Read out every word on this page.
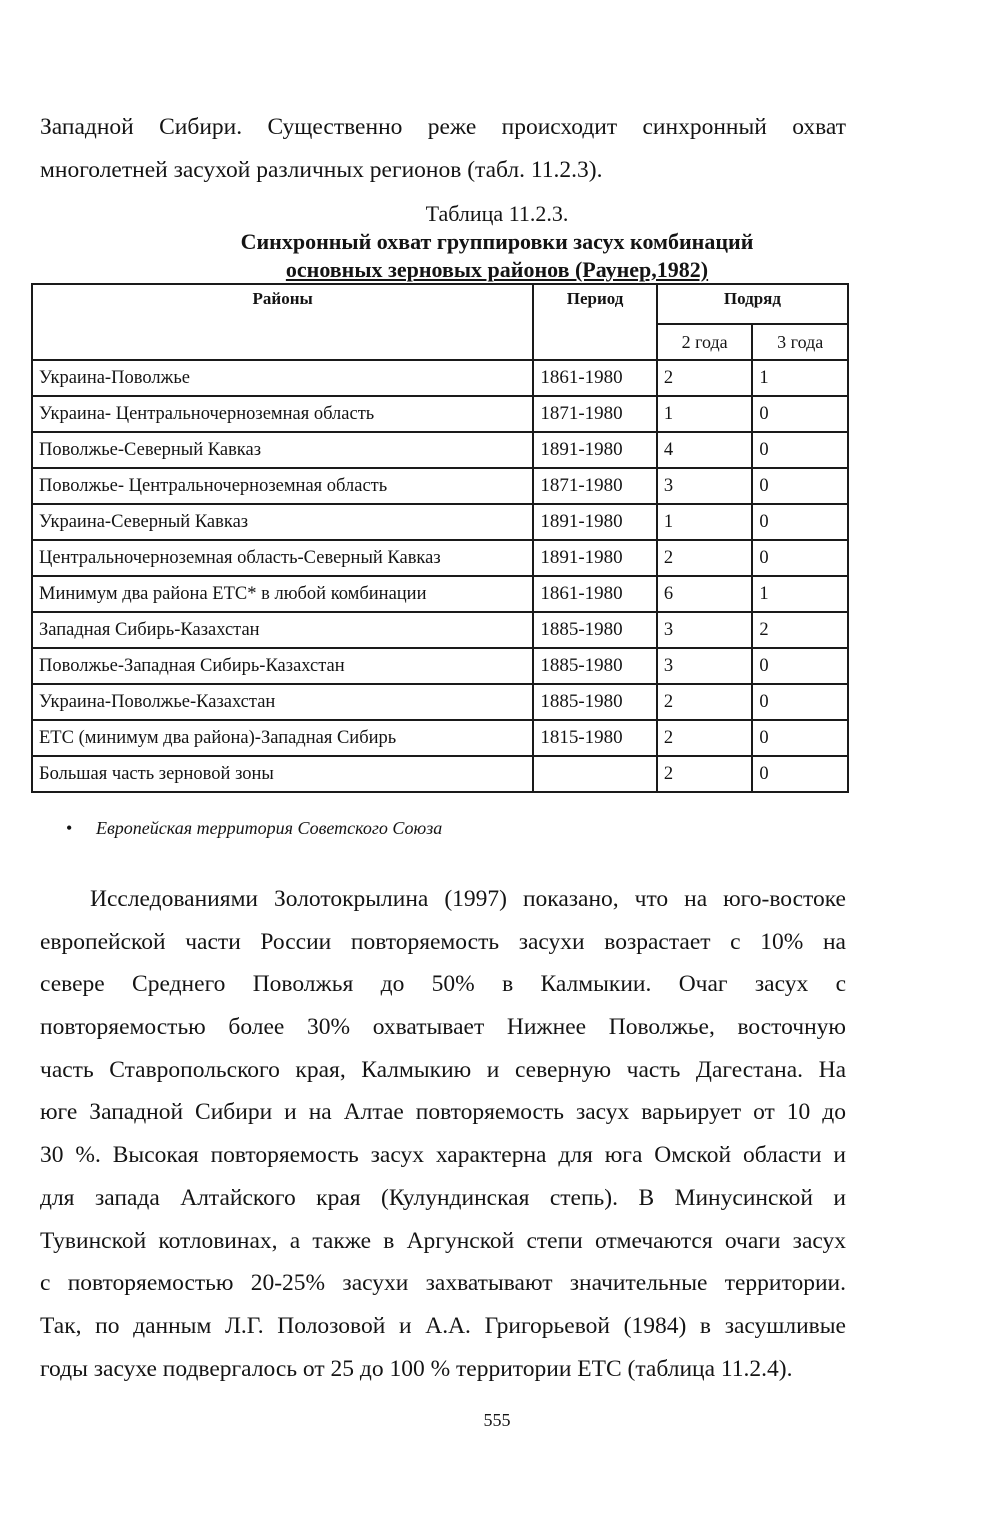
Западной Сибири. Существенно реже происходит синхронный охват
многолетней засухой различных регионов (табл. 11.2.3).
Таблица 11.2.3.
Синхронный охват группировки засух комбинаций
основных зерновых районов (Раунер,1982)
Районы	Период	Подряд	
		2 года	3 года
Украина-Поволжье	1861-1980	2	1
Украина- Центральночерноземная область	1871-1980	1	0
Поволжье-Северный Кавказ	1891-1980	4	0
Поволжье- Центральночерноземная область	1871-1980	3	0
Украина-Северный Кавказ	1891-1980	1	0
Центральночерноземная область-Северный Кавказ	1891-1980	2	0
Минимум два района ЕТС* в любой комбинации	1861-1980	6	1
Западная Сибирь-Казахстан	1885-1980	3	2
Поволжье-Западная Сибирь-Казахстан	1885-1980	3	0
Украина-Поволжье-Казахстан	1885-1980	2	0
ЕТС (минимум два района)-Западная Сибирь	1815-1980	2	0
Большая часть зерновой зоны		2	0
• Европейская территория Советского Союза
Исследованиями Золотокрылина (1997) показано, что на юго-востоке
европейской части России повторяемость засухи возрастает с 10% на
севере Среднего Поволжья до 50% в Калмыкии. Очаг засух с
повторяемостью более 30% охватывает Нижнее Поволжье, восточную
часть Ставропольского края, Калмыкию и северную часть Дагестана. На
юге Западной Сибири и на Алтае повторяемость засух варьирует от 10 до
30 %. Высокая повторяемость засух характерна для юга Омской области и
для запада Алтайского края (Кулундинская степь). В Минусинской и
Тувинской котловинах, а также в Аргунской степи отмечаются очаги засух
с повторяемостью 20-25% засухи захватывают значительные территории.
Так, по данным Л.Г. Полозовой и А.А. Григорьевой (1984) в засушливые
годы засухе подвергалось от 25 до 100 % территории ЕТС (таблица 11.2.4).
555
